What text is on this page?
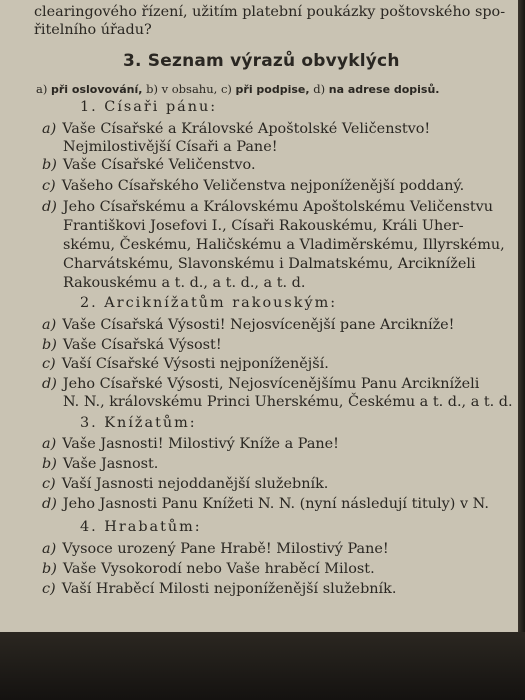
clearingového řízení, užitím platební poukázky poštovského spo-
řitelního úřadu?
3. Seznam výrazů obvyklých
a) při oslovování, b) v obsahu, c) při podpise, d) na adrese dopisů.
1. Císaři pánu:
a) Vaše Císařské a Královské Apoštolské Veličenstvo!
Nejmilostivější Císaři a Pane!
b) Vaše Císařské Veličenstvo.
c) Vašeho Císařského Veličenstva nejponíženější poddaný.
d) Jeho Císařskému a Královskému Apoštolskému Veličenstvu
Františkovi Josefovi I., Císaři Rakouskému, Králi Uher-
skému, Českému, Haličskému a Vladiměrskému, Illyrskému,
Charvátskému, Slavonskému i Dalmatskému, Arcikníželi
Rakouskému a t. d., a t. d., a t. d.
2. Arciknížatům rakouským:
a) Vaše Císařská Výsosti! Nejosvícenější pane Arcikníže!
b) Vaše Císařská Výsost!
c) Vaší Císařské Výsosti nejponíženější.
d) Jeho Císařské Výsosti, Nejosvícenějšímu Panu Arcikníželi
N. N., královskému Princi Uherskému, Českému a t. d., a t. d.
3. Knížatům:
a) Vaše Jasnosti! Milostivý Kníže a Pane!
b) Vaše Jasnost.
c) Vaší Jasnosti nejoddanější služebník.
d) Jeho Jasnosti Panu Knížeti N. N. (nyní následují tituly) v N.
4. Hrabatům:
a) Vysoce urozený Pane Hrabě! Milostivý Pane!
b) Vaše Vysokorodí nebo Vaše hraběcí Milost.
c) Vaší Hraběcí Milosti nejponíženější služebník.
